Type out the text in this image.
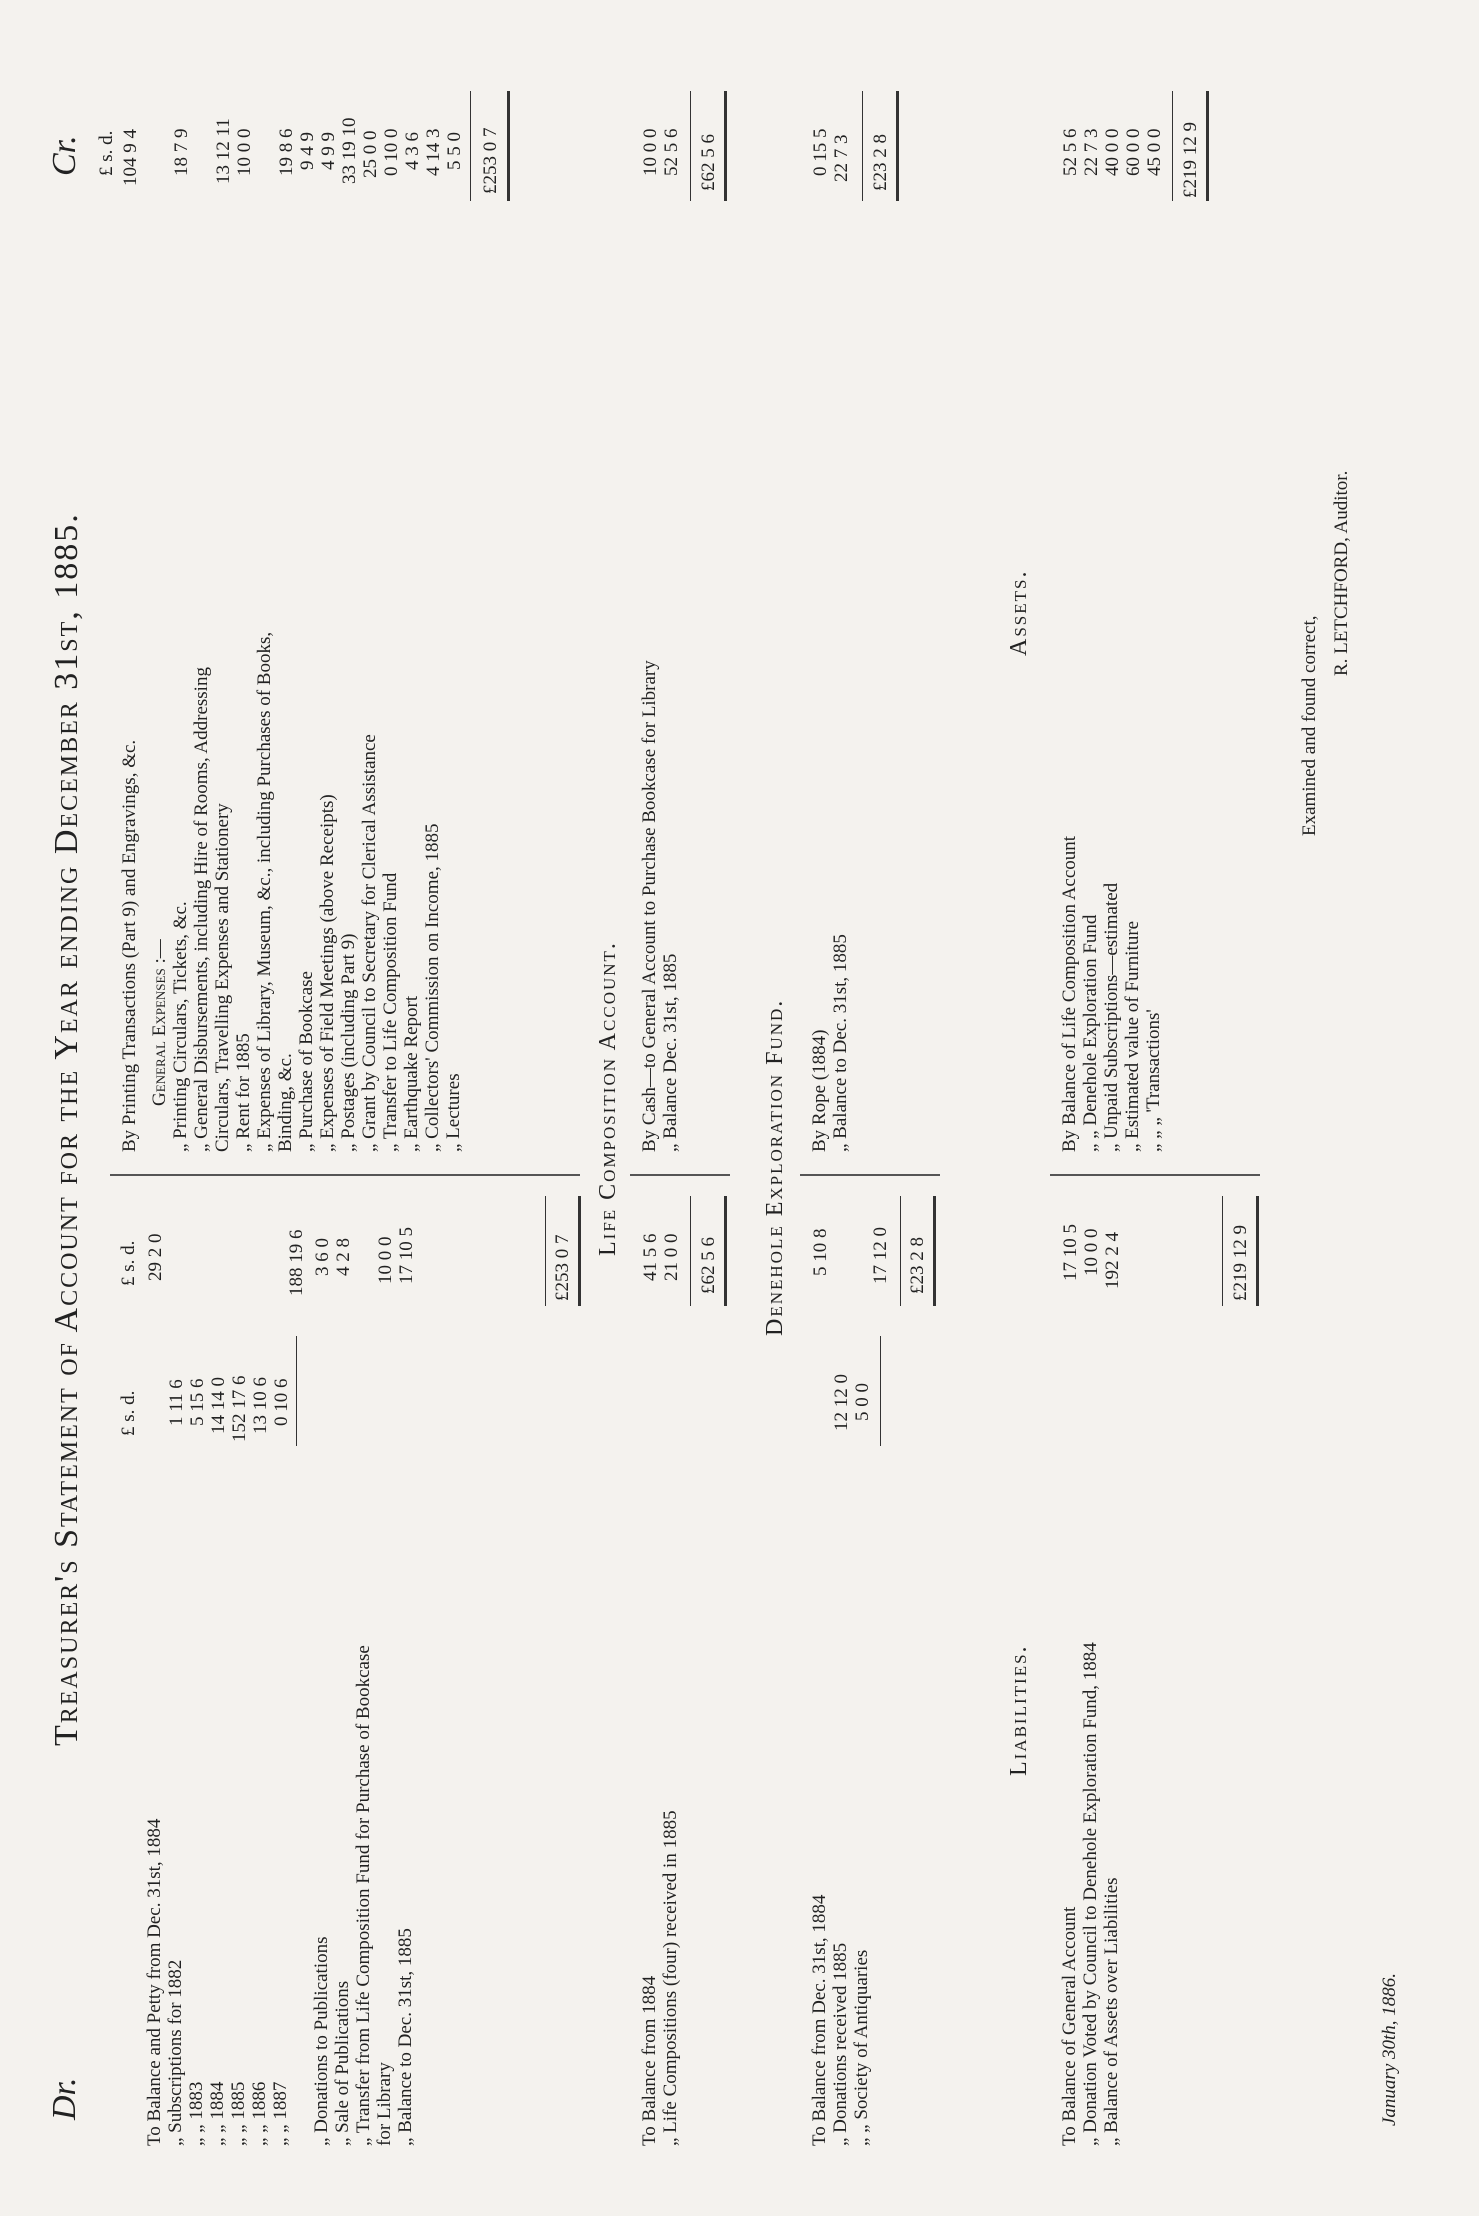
Dr.
Treasurer's Statement of Account for the Year ending December 31st, 1885.
Cr.
£ s. d.
£ s. d.
To Balance and Petty from Dec. 31st, 1884
29 2 0
„ Subscriptions for 1882
1 11 6
„ „ 1883
5 15 6
„ „ 1884
14 14 0
„ „ 1885
152 17 6
„ „ 1886
13 10 6
„ „ 1887
0 10 6
188 19 6
„ Donations to Publications
3 6 0
„ Sale of Publications
4 2 8
„ Transfer from Life Composition Fund for Purchase of Bookcase for Library
10 0 0
„ Balance to Dec. 31st, 1885
17 10 5	£253 0 7
£ s. d.
By Printing Transactions (Part 9) and Engravings, &c.
104 9 4
General Expenses :— „ Printing Circulars, Tickets, &c.
18 7 9
„ General Disbursements, including Hire of Rooms, Addressing Circulars, Travelling Expenses and Stationery
13 12 11
„ Rent for 1885
10 0 0
„ Expenses of Library, Museum, &c., including Purchases of Books, Binding, &c.
19 8 6
„ Purchase of Bookcase
9 4 9
„ Expenses of Field Meetings (above Receipts)
4 9 9
„ Postages (including Part 9)
33 19 10
„ Grant by Council to Secretary for Clerical Assistance
25 0 0
„ Transfer to Life Composition Fund
0 10 0
„ Earthquake Report
4 3 6
„ Collectors' Commission on Income, 1885
4 14 3
„ Lectures
5 5 0 £253 0 7
Life Composition Account.
To Balance from 1884
41 5 6
„ Life Compositions (four) received in 1885
21 0 0 £62 5 6
By Cash—to General Account to Purchase Bookcase for Library
10 0 0
„ Balance Dec. 31st, 1885
52 5 6 £62 5 6
Denehole Exploration Fund.
To Balance from Dec. 31st, 1884
5 10 8
„ Donations received 1885
12 12 0
„ „ Society of Antiquaries
5 0 0
17 12 0 £23 2 8
By Rope (1884)
0 15 5
„ Balance to Dec. 31st, 1885
22 7 3 £23 2 8
Liabilities.
Assets.
To Balance of General Account
17 10 5
„ Donation Voted by Council to Denehole Exploration Fund, 1884
10 0 0
„ Balance of Assets over Liabilities
192 2 4	£219 12 9
By Balance of Life Composition Account
52 5 6
„ „ Denehole Exploration Fund
22 7 3
„ Unpaid Subscriptions—estimated
40 0 0
„ Estimated value of Furniture
60 0 0
„ „ „ 'Transactions'
45 0 0 £219 12 9
Examined and found correct,
R. LETCHFORD, Auditor.
January 30th, 1886.
